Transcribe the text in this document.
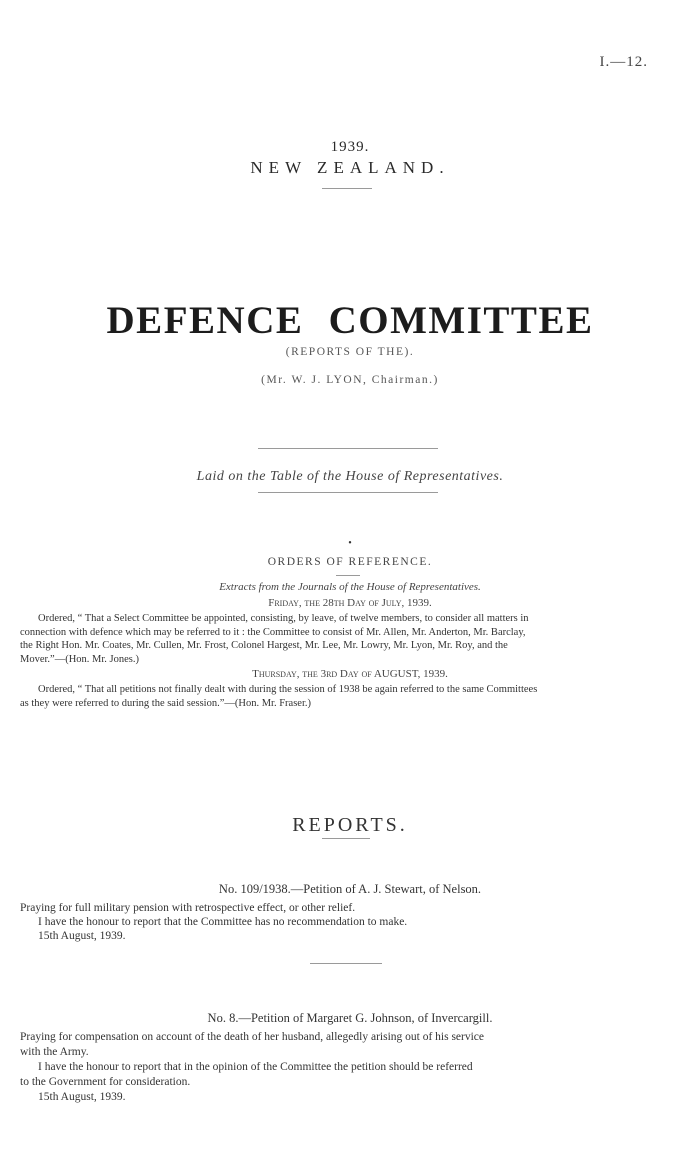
I.—12.
1939.
NEW ZEALAND.
DEFENCE COMMITTEE
(REPORTS OF THE).
(Mr. W. J. LYON, Chairman.)
Laid on the Table of the House of Representatives.
•
ORDERS OF REFERENCE.
Extracts from the Journals of the House of Representatives.
Friday, the 28th Day of July, 1939.

Ordered, “ That a Select Committee be appointed, consisting, by leave, of twelve members, to consider all matters in

connection with defence which may be referred to it : the Committee to consist of Mr. Allen, Mr. Anderton, Mr. Barclay,

the Right Hon. Mr. Coates, Mr. Cullen, Mr. Frost, Colonel Hargest, Mr. Lee, Mr. Lowry, Mr. Lyon, Mr. Roy, and the

Mover.”—(Hon. Mr. Jones.)

Thursday, the 3rd Day of AUGUST, 1939.

Ordered, “ That all petitions not finally dealt with during the session of 1938 be again referred to the same Committees

as they were referred to during the said session.”—(Hon. Mr. Fraser.)

REPORTS.
No. 109/1938.—Petition of A. J. Stewart, of Nelson.

Praying for full military pension with retrospective effect, or other relief.

I have the honour to report that the Committee has no recommendation to make.

15th August, 1939.

No. 8.—Petition of Margaret G. Johnson, of Invercargill.

Praying for compensation on account of the death of her husband, allegedly arising out of his service

with the Army.

I have the honour to report that in the opinion of the Committee the petition should be referred

to the Government for consideration.

15th August, 1939.
